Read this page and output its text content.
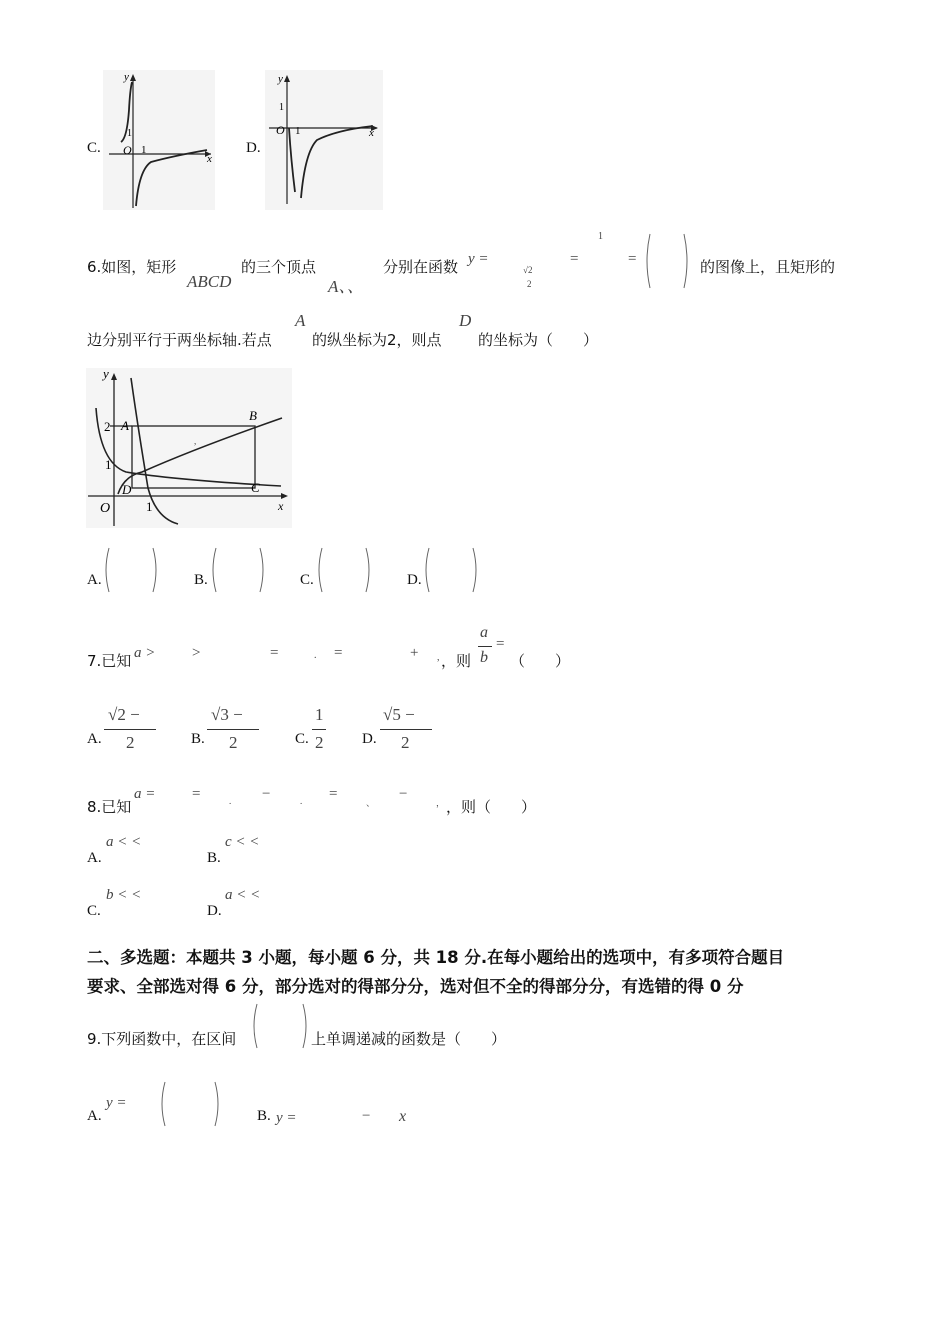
C.
y
x
O 1
1
D.
y
x
O 1
1
6.如图，矩形
ABCD
的三个顶点
A、、
分别在函数 y =
√2
2
=
1
=	的图像上，且矩形的
边分别平行于两坐标轴.若点
A
的纵坐标为2，则点
D
的坐标为（　　）
,
y
x
O
2 A
B
C
D
1
1
A.	B.	C.	D.
7.已知 a > >	=	. =	+ , ，则
a
b
=
（　　）
A.
√2 −
2	B.
√3 −
2	C.
1
2	D.
√5 −
2
8.已知
a = =	. −	. =
、
−
， ，则（　　）
A.
a < <
B.
c < <
C.
b < <
D.
a < <
二、多选题：本题共 3 小题，每小题 6 分，共 18 分.在每小题给出的选项中，有多项符合题目
要求、全部选对得 6 分，部分选对的得部分分，选对但不全的得部分分，有选错的得 0 分
9.下列函数中，在区间	上单调递减的函数是（　　）
A.
y =
B. y =	− x
